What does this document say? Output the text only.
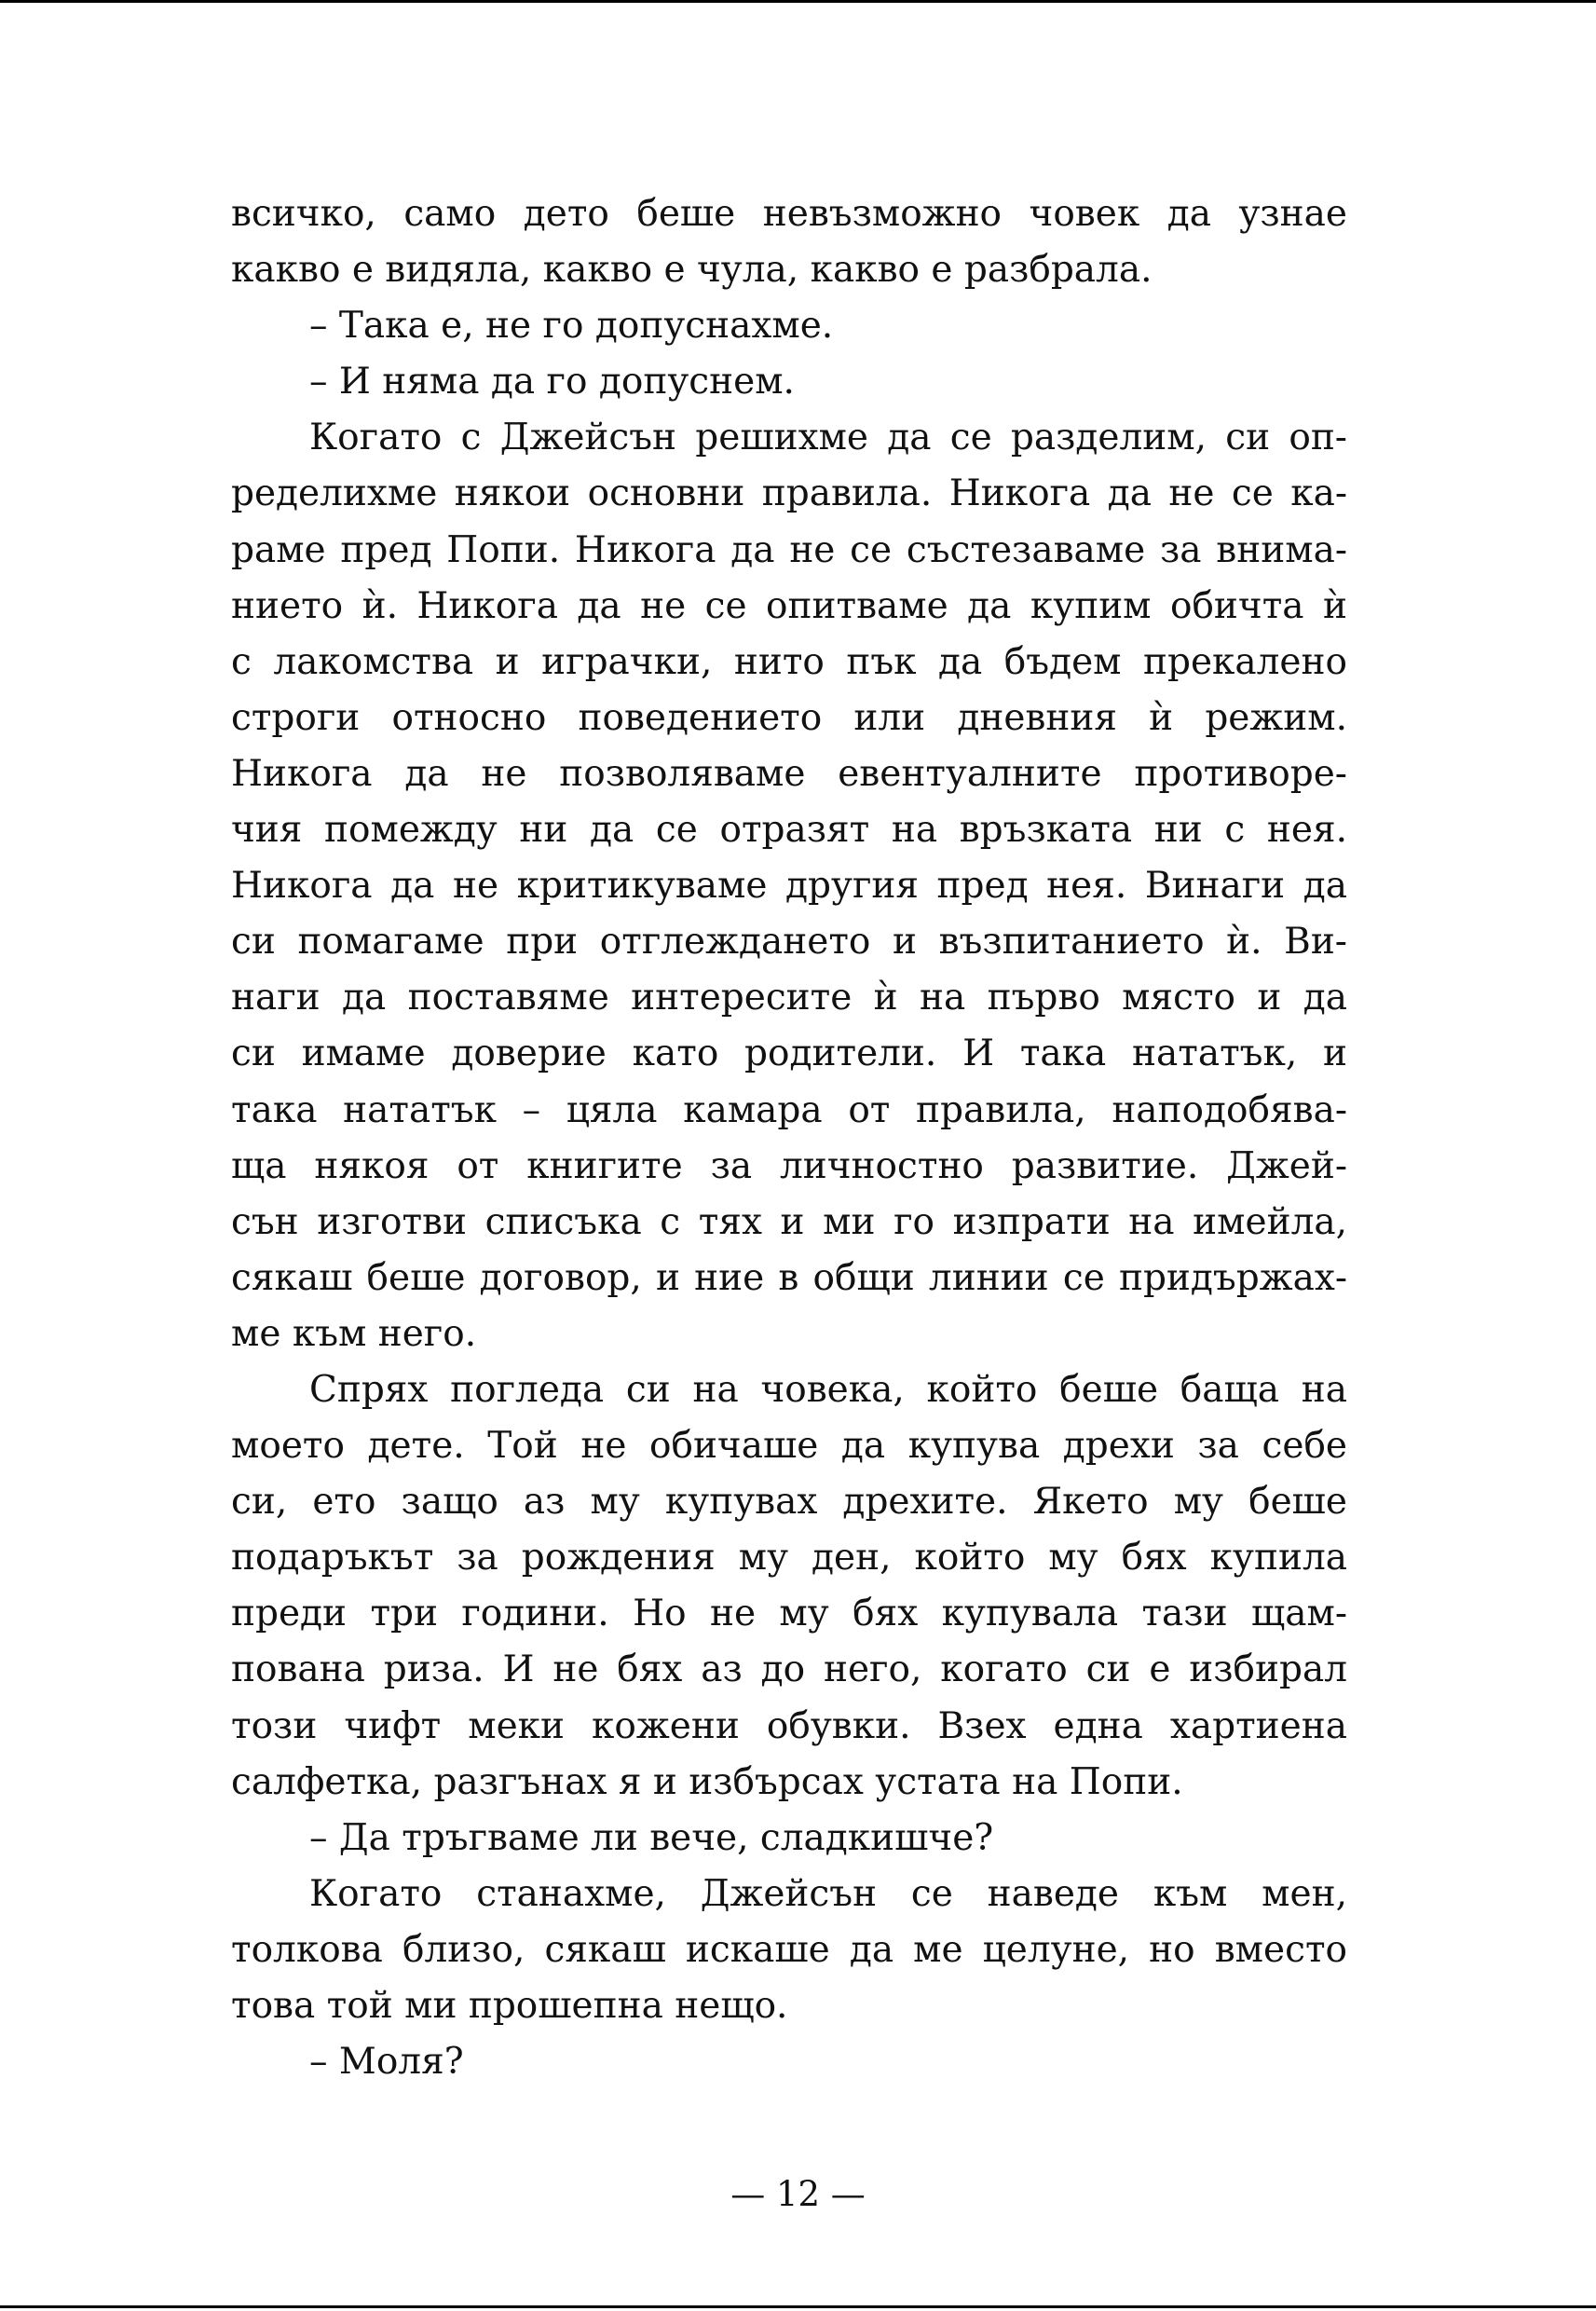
всичко, само дето беше невъзможно човек да узнае
какво е видяла, какво е чула, какво е разбрала.
– Така е, не го допуснахме.
– И няма да го допуснем.
Когато с Джейсън решихме да се разделим, си оп-
ределихме някои основни правила. Никога да не се ка-
раме пред Попи. Никога да не се състезаваме за внима-
нието ѝ. Никога да не се опитваме да купим обичта ѝ
с лакомства и играчки, нито пък да бъдем прекалено
строги относно поведението или дневния ѝ режим.
Никога да не позволяваме евентуалните противоре-
чия помежду ни да се отразят на връзката ни с нея.
Никога да не критикуваме другия пред нея. Винаги да
си помагаме при отглеждането и възпитанието ѝ. Ви-
наги да поставяме интересите ѝ на първо място и да
си имаме доверие като родители. И така нататък, и
така нататък – цяла камара от правила, наподобява-
ща някоя от книгите за личностно развитие. Джей-
сън изготви списъка с тях и ми го изпрати на имейла,
сякаш беше договор, и ние в общи линии се придържах-
ме към него.
Спрях погледа си на човека, който беше баща на
моето дете. Той не обичаше да купува дрехи за себе
си, ето защо аз му купувах дрехите. Якето му беше
подаръкът за рождения му ден, който му бях купила
преди три години. Но не му бях купувала тази щам-
пована риза. И не бях аз до него, когато си е избирал
този чифт меки кожени обувки. Взех една хартиена
салфетка, разгънах я и избърсах устата на Попи.
– Да тръгваме ли вече, сладкишче?
Когато станахме, Джейсън се наведе към мен,
толкова близо, сякаш искаше да ме целуне, но вместо
това той ми прошепна нещо.
– Моля?
— 12 —
